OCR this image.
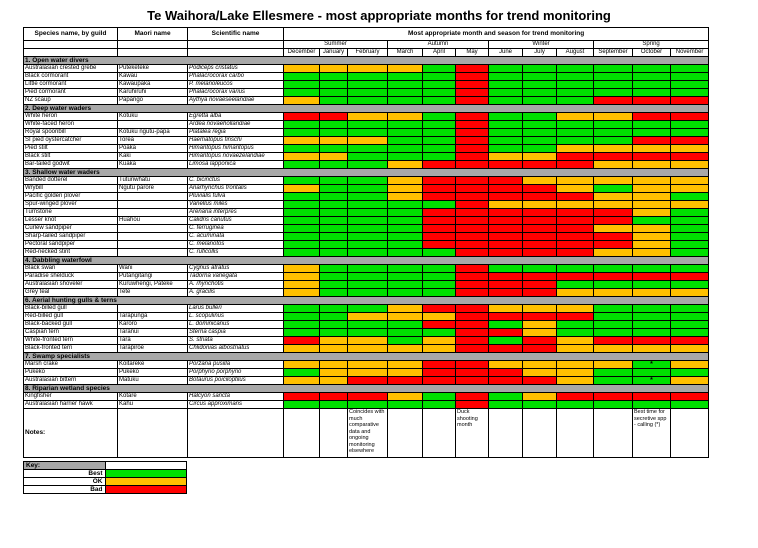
Te Waihora/Lake Ellesmere - most appropriate months for trend monitoring
Species name, by guild	Maori name	Scientific name	Most appropriate month and season for trend monitoring											
			Summer			Autumn			Winter			Spring		
			December	January	February	March	April	May	June	July	August	September	October	November
1. Open water divers														
Australasian crested grebe	Puteketeke	Podiceps cristatus												
Black cormorant	Kawau	Phalacrocorax carbo												
Little cormorant	Kawaupaka	P. melanoleucos												
Pied cormorant	Karuhiruhi	Phalacrocorax varius												
NZ scaup	Papango	Aythya novaeseelandiae												
2. Deep water waders														
White heron	Kotuku	Egretta alba												
White-faced heron		Ardea novaehollandiae												
Royal spoonbill	Kotuku ngutu-papa	Platalea regia												
SI pied oystercatcher	Torea	Haematopus finschi												
Pied stilt	Poaka	Himantopus himantopus												
Black stilt	Kaki	Himantopus novaezelandiae												
Bar-tailed godwit	Kuaka	Limosa lapponica												
3. Shallow water waders														
Banded dotterel	Tuturiwhatu	C. bicinctus												
Wrybill	Ngutu parore	Anarhynchus frontalis												
Pacific golden plover		Pluvialis fulva												
Spur-winged plover		Vanellus miles												
Turnstone		Arenaria interpres												
Lesser knot	Huahou	Calidris canutus												
Curlew sandpiper		C. ferruginea												
Sharp-tailed sandpiper		C. acuminata												
Pectoral sandpiper		C. melanotos												
Red-necked stint		C. ruficollis												
4. Dabbling waterfowl														
Black swan	Wani	Cygnus atratus												
Paradise shelduck	Putangitangi	Tadorna variegata												
Australasian shoveler	Kuruwhengi, Pateke	A. rhynchotis												
Grey teal	Tete	A. gracilis												
6. Aerial hunting gulls & terns														
Black-billed gull		Larus bulleri												
Red-billed gull	Tarapunga	L. scopulinus												
Black-backed gull	Karoro	L. dominicanus												
Caspian tern	Taranui	Sterna caspia												
White-fronted tern	Tara	S. striata												
Black-fronted tern	Tarapiroe	Chlidonias albostriatus												
7. Swamp specialists														
Marsh crake	Koitareke	Porzana pusilla											*	
Pukeko	Pukeko	Porphyrio porphyrio												
Australasian bittern	Matuku	Botaurus poiciloptilus											*	
8. Riparian wetland species														
Kingfisher	Kotare	Halcyon sancta												
Australasian harrier hawk	Kahu	Circus approximans												
Notes:					Coincides with much comparative data and ongoing monitoring elsewhere			Duck shooting month					Best time for secretive spp - calling (*)	
Key:	
Best	
OK	
Bad	
